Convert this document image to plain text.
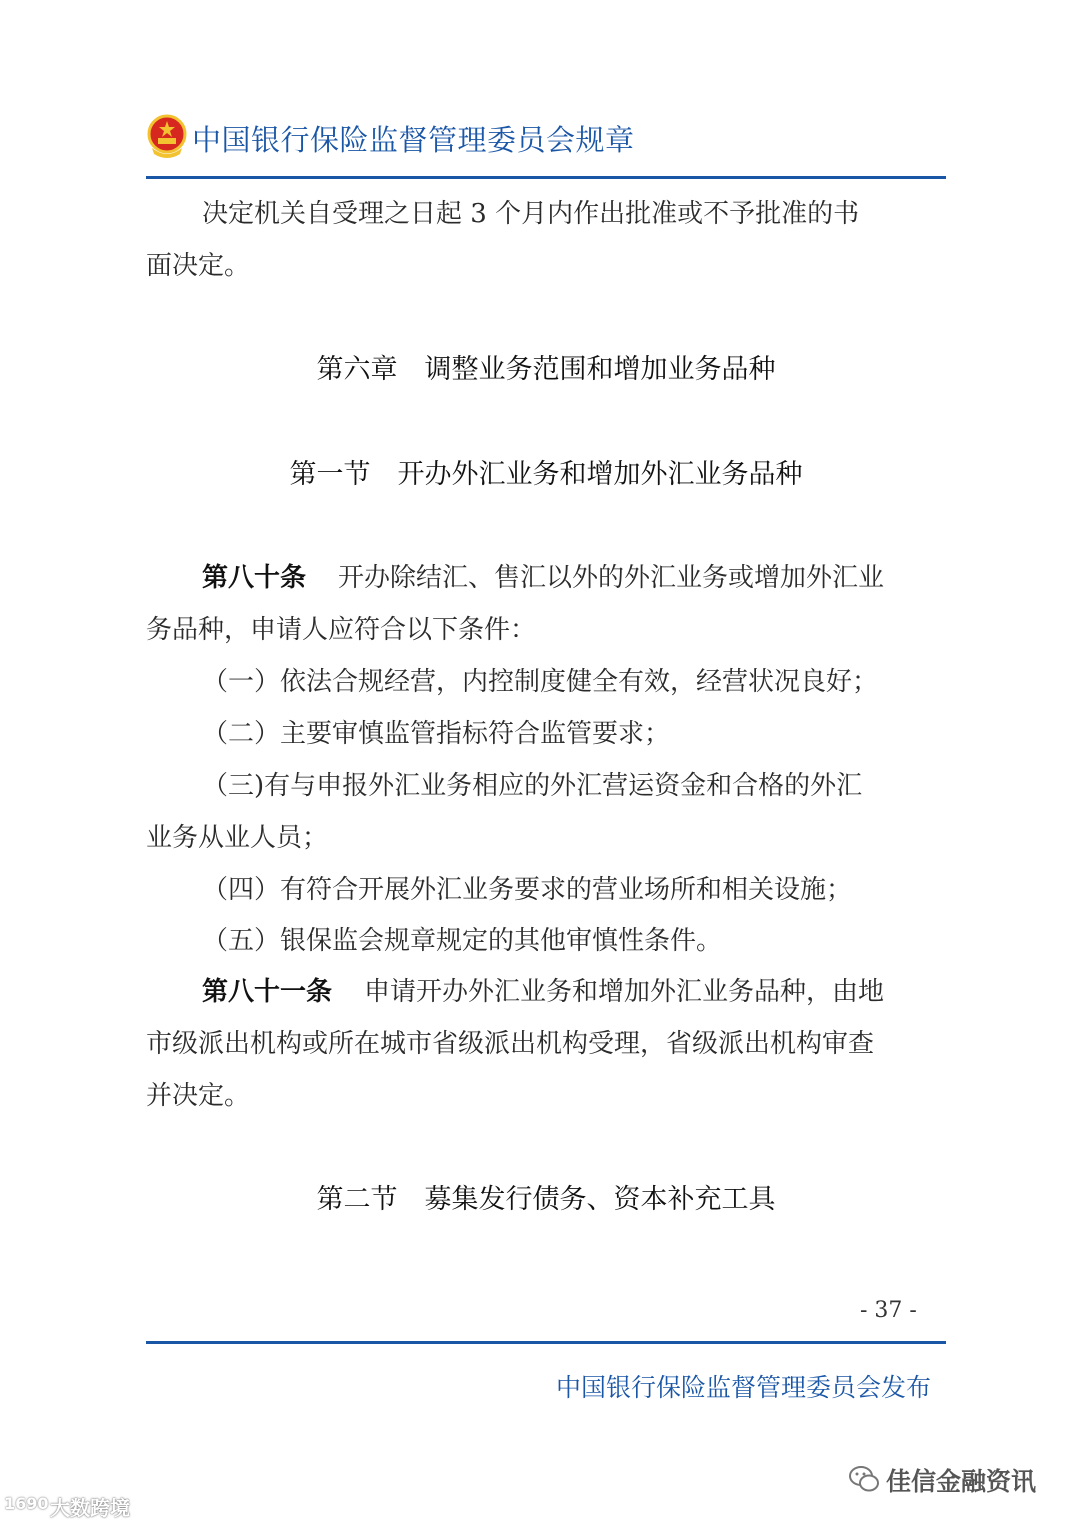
中国银行保险监督管理委员会规章
决定机关自受理之日起 3 个月内作出批准或不予批准的书
面决定。
第六章　调整业务范围和增加业务品种
第一节　开办外汇业务和增加外汇业务品种
第八十条 开办除结汇、售汇以外的外汇业务或增加外汇业
务品种，申请人应符合以下条件：
（一）依法合规经营，内控制度健全有效，经营状况良好；
（二）主要审慎监管指标符合监管要求；
（三)有与申报外汇业务相应的外汇营运资金和合格的外汇
业务从业人员；
（四）有符合开展外汇业务要求的营业场所和相关设施；
（五）银保监会规章规定的其他审慎性条件。
第八十一条 申请开办外汇业务和增加外汇业务品种，由地
市级派出机构或所在城市省级派出机构受理，省级派出机构审查
并决定。
第二节　募集发行债务、资本补充工具
- 37 -
中国银行保险监督管理委员会发布
佳信金融资讯
1690 大数跨境
